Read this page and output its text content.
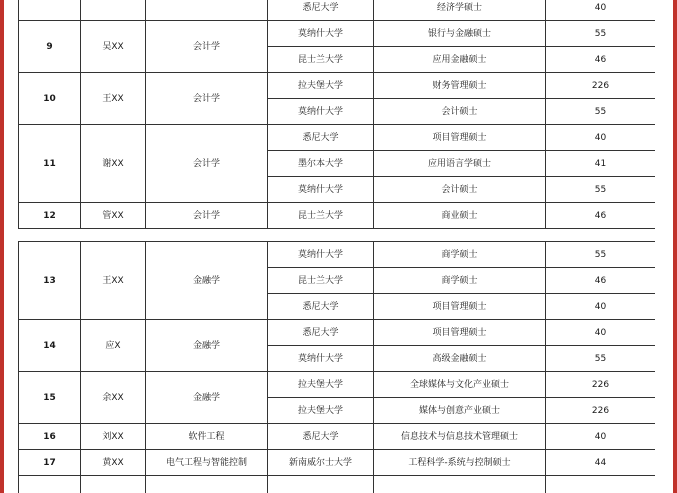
			悉尼大学	经济学硕士	40
9	吴XX	会计学	莫纳什大学	银行与金融硕士	55
			昆士兰大学	应用金融硕士	46
10	王XX	会计学	拉夫堡大学	财务管理硕士	226
			莫纳什大学	会计硕士	55
11	谢XX	会计学	悉尼大学	项目管理硕士	40
			墨尔本大学	应用语言学硕士	41
			莫纳什大学	会计硕士	55
12	管XX	会计学	昆士兰大学	商业硕士	46
13	王XX	金融学	莫纳什大学	商学硕士	55
			昆士兰大学	商学硕士	46
			悉尼大学	项目管理硕士	40
14	应X	金融学	悉尼大学	项目管理硕士	40
			莫纳什大学	高级金融硕士	55
15	余XX	金融学	拉夫堡大学	全球媒体与文化产业硕士	226
			拉夫堡大学	媒体与创意产业硕士	226
16	刘XX	软件工程	悉尼大学	信息技术与信息技术管理硕士	40
17	黄XX	电气工程与智能控制	新南威尔士大学	工程科学-系统与控制硕士	44
